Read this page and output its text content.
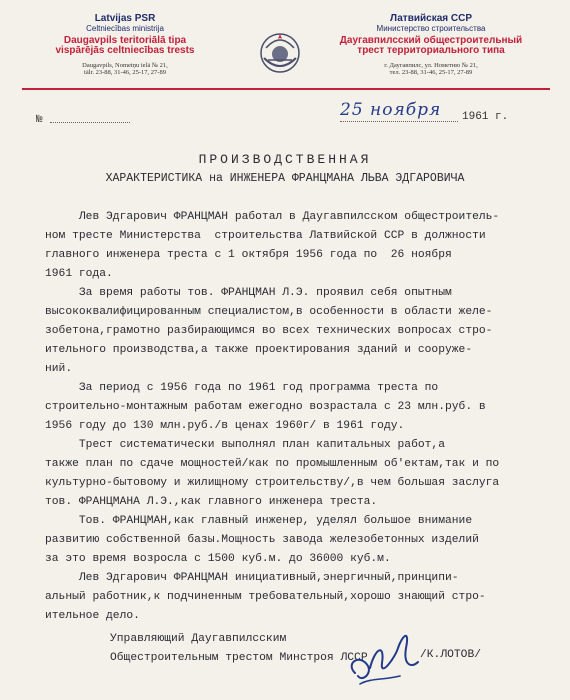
Latvijas PSR
Celtniecības ministrija
Daugavpils teritoriālā tipa
vispārējās celtniecības trests
Daugavpils, Nometņu ielā № 21,
tālr. 23-88, 31-46, 25-17, 27-89
Латвийская ССР
Министерство строительства
Даугавпилсский общестроительный
трест территориального типа
г. Даугавпилс, ул. Нометню № 21,
тел. 23-88, 31-46, 25-17, 27-89
№	25 ноября 1961 г.
ПРОИЗВОДСТВЕННАЯ
ХАРАКТЕРИСТИКА на ИНЖЕНЕРА ФРАНЦМАНА ЛЬВА ЭДГАРОВИЧА
Лев Эдгарович ФРАНЦМАН работал в Даугавпилсском общестроитель-
ном тресте Министерства  строительства Латвийской ССР в должности
главного инженера треста с 1 октября 1956 года по  26 ноября
1961 года.
За время работы тов. ФРАНЦМАН Л.Э. проявил себя опытным
высококвалифицированным специалистом,в особенности в области желе-
зобетона,грамотно разбирающимся во всех технических вопросах стро-
ительного производства,а также проектирования зданий и сооруже-
ний.
За период с 1956 года по 1961 год программа треста по
строительно-монтажным работам ежегодно возрастала с 23 млн.руб. в
1956 году до 130 млн.руб./в ценах 1960г/ в 1961 году.
Трест систематически выполнял план капитальных работ,а
также план по сдаче мощностей/как по промышленным об'ектам,так и по
культурно-бытовому и жилищному строительству/,в чем большая заслуга
тов. ФРАНЦМАНА Л.Э.,как главного инженера треста.
Тов. ФРАНЦМАН,как главный инженер, уделял большое внимание
развитию собственной базы.Мощность завода железобетонных изделий
за это время возросла с 1500 куб.м. до 36000 куб.м.
Лев Эдгарович ФРАНЦМАН инициативный,энергичный,принципи-
альный работник,к подчиненным требовательный,хорошо знающий стро-
ительное дело.
Управляющий Даугавпилсским
Общестроительным трестом Минстроя ЛССР	/К.ЛОТОВ/
